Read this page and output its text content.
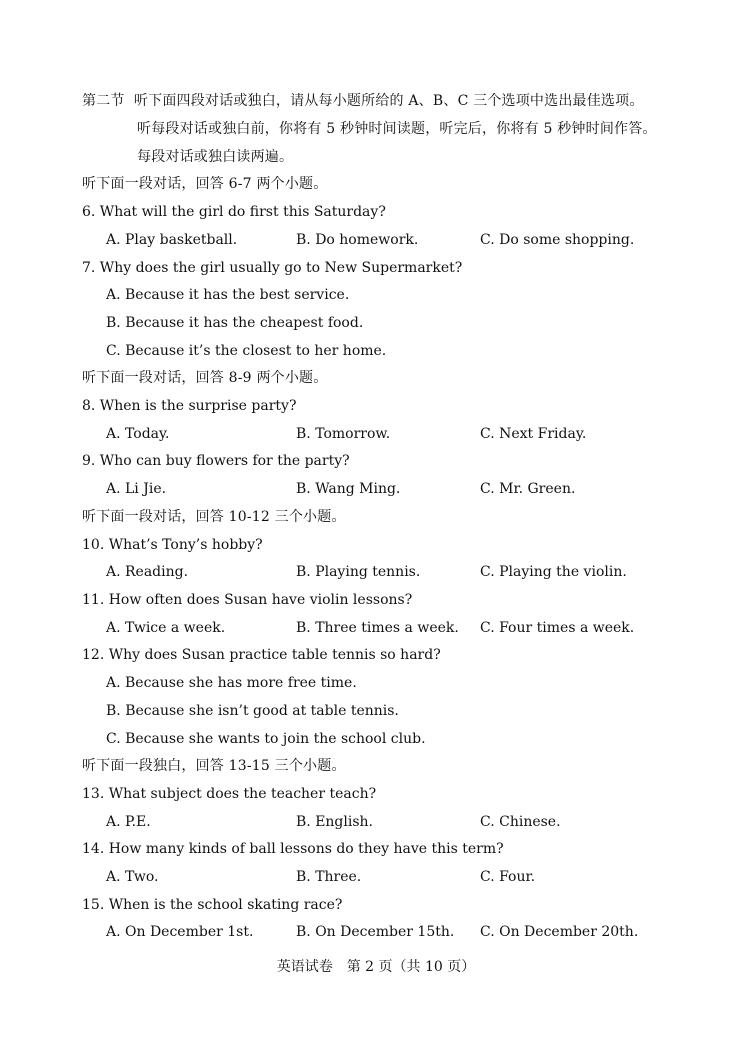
第二节 听下面四段对话或独白，请从每小题所给的 A、B、C 三个选项中选出最佳选项。
听每段对话或独白前，你将有 5 秒钟时间读题，听完后，你将有 5 秒钟时间作答。
每段对话或独白读两遍。
听下面一段对话，回答 6-7 两个小题。
6. What will the girl do first this Saturday?
A. Play basketball.	B. Do homework.	C. Do some shopping.
7. Why does the girl usually go to New Supermarket?
A. Because it has the best service.
B. Because it has the cheapest food.
C. Because it’s the closest to her home.
听下面一段对话，回答 8-9 两个小题。
8. When is the surprise party?
A. Today.	B. Tomorrow.	C. Next Friday.
9. Who can buy flowers for the party?
A. Li Jie.	B. Wang Ming.	C. Mr. Green.
听下面一段对话，回答 10-12 三个小题。
10. What’s Tony’s hobby?
A. Reading.	B. Playing tennis.	C. Playing the violin.
11. How often does Susan have violin lessons?
A. Twice a week.	B. Three times a week. C. Four times a week.
12. Why does Susan practice table tennis so hard?
A. Because she has more free time.
B. Because she isn’t good at table tennis.
C. Because she wants to join the school club.
听下面一段独白，回答 13-15 三个小题。
13. What subject does the teacher teach?
A. P.E.	B. English.	C. Chinese.
14. How many kinds of ball lessons do they have this term?
A. Two.	B. Three.	C. Four.
15. When is the school skating race?
A. On December 1st.	B. On December 15th. C. On December 20th.
英语试卷　第 2 页（共 10 页）
